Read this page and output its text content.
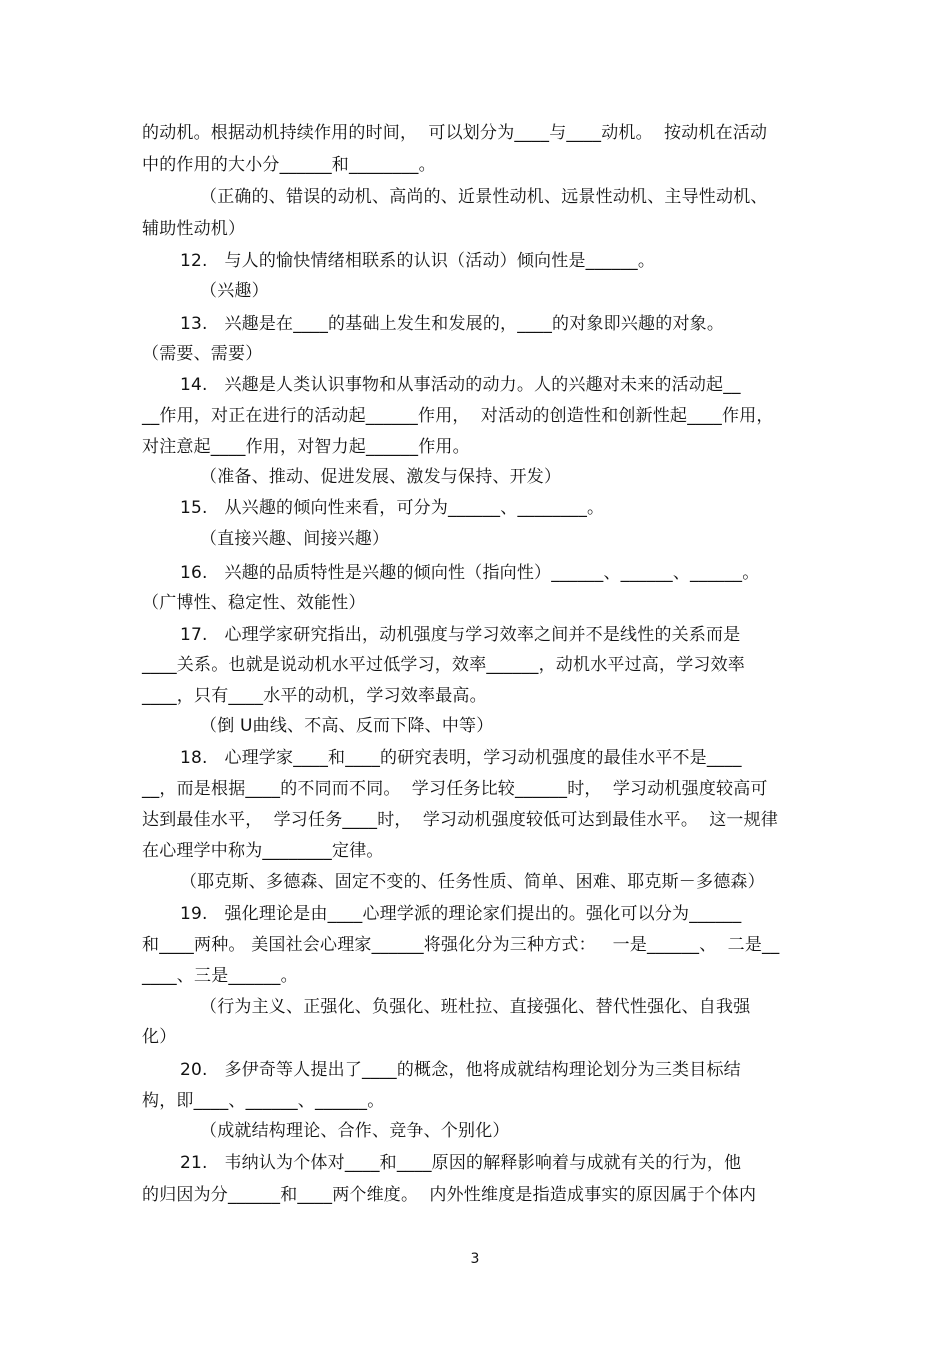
的动机。根据动机持续作用的时间，  可以划分为____与____动机。  按动机在活动
中的作用的大小分______和________。
（正确的、错误的动机、高尚的、近景性动机、远景性动机、主导性动机、
辅助性动机）
12.   与人的愉快情绪相联系的认识（活动）倾向性是______。
（兴趣）
13.   兴趣是在____的基础上发生和发展的，____的对象即兴趣的对象。
（需要、需要）
14.   兴趣是人类认识事物和从事活动的动力。人的兴趣对未来的活动起__
__作用，对正在进行的活动起______作用，  对活动的创造性和创新性起____作用，
对注意起____作用，对智力起______作用。
（准备、推动、促进发展、激发与保持、开发）
15.   从兴趣的倾向性来看，可分为______、________。
（直接兴趣、间接兴趣）
16.   兴趣的品质特性是兴趣的倾向性（指向性）______、______、______。
（广博性、稳定性、效能性）
17.   心理学家研究指出，动机强度与学习效率之间并不是线性的关系而是
____关系。也就是说动机水平过低学习，效率______，动机水平过高，学习效率
____，只有____水平的动机，学习效率最高。
（倒 U曲线、不高、反而下降、中等）
18.   心理学家____和____的研究表明，学习动机强度的最佳水平不是____
__，而是根据____的不同而不同。  学习任务比较______时，  学习动机强度较高可
达到最佳水平，  学习任务____时，  学习动机强度较低可达到最佳水平。  这一规律
在心理学中称为________定律。
（耶克斯、多德森、固定不变的、任务性质、简单、困难、耶克斯－多德森）
19.   强化理论是由____心理学派的理论家们提出的。强化可以分为______
和____两种。 美国社会心理家______将强化分为三种方式：   一是______、  二是__
____、三是______。
（行为主义、正强化、负强化、班杜拉、直接强化、替代性强化、自我强
化）
20.   多伊奇等人提出了____的概念，他将成就结构理论划分为三类目标结
构，即____、______、______。
（成就结构理论、合作、竞争、个别化）
21.   韦纳认为个体对____和____原因的解释影响着与成就有关的行为，他
的归因为分______和____两个维度。  内外性维度是指造成事实的原因属于个体内
3
